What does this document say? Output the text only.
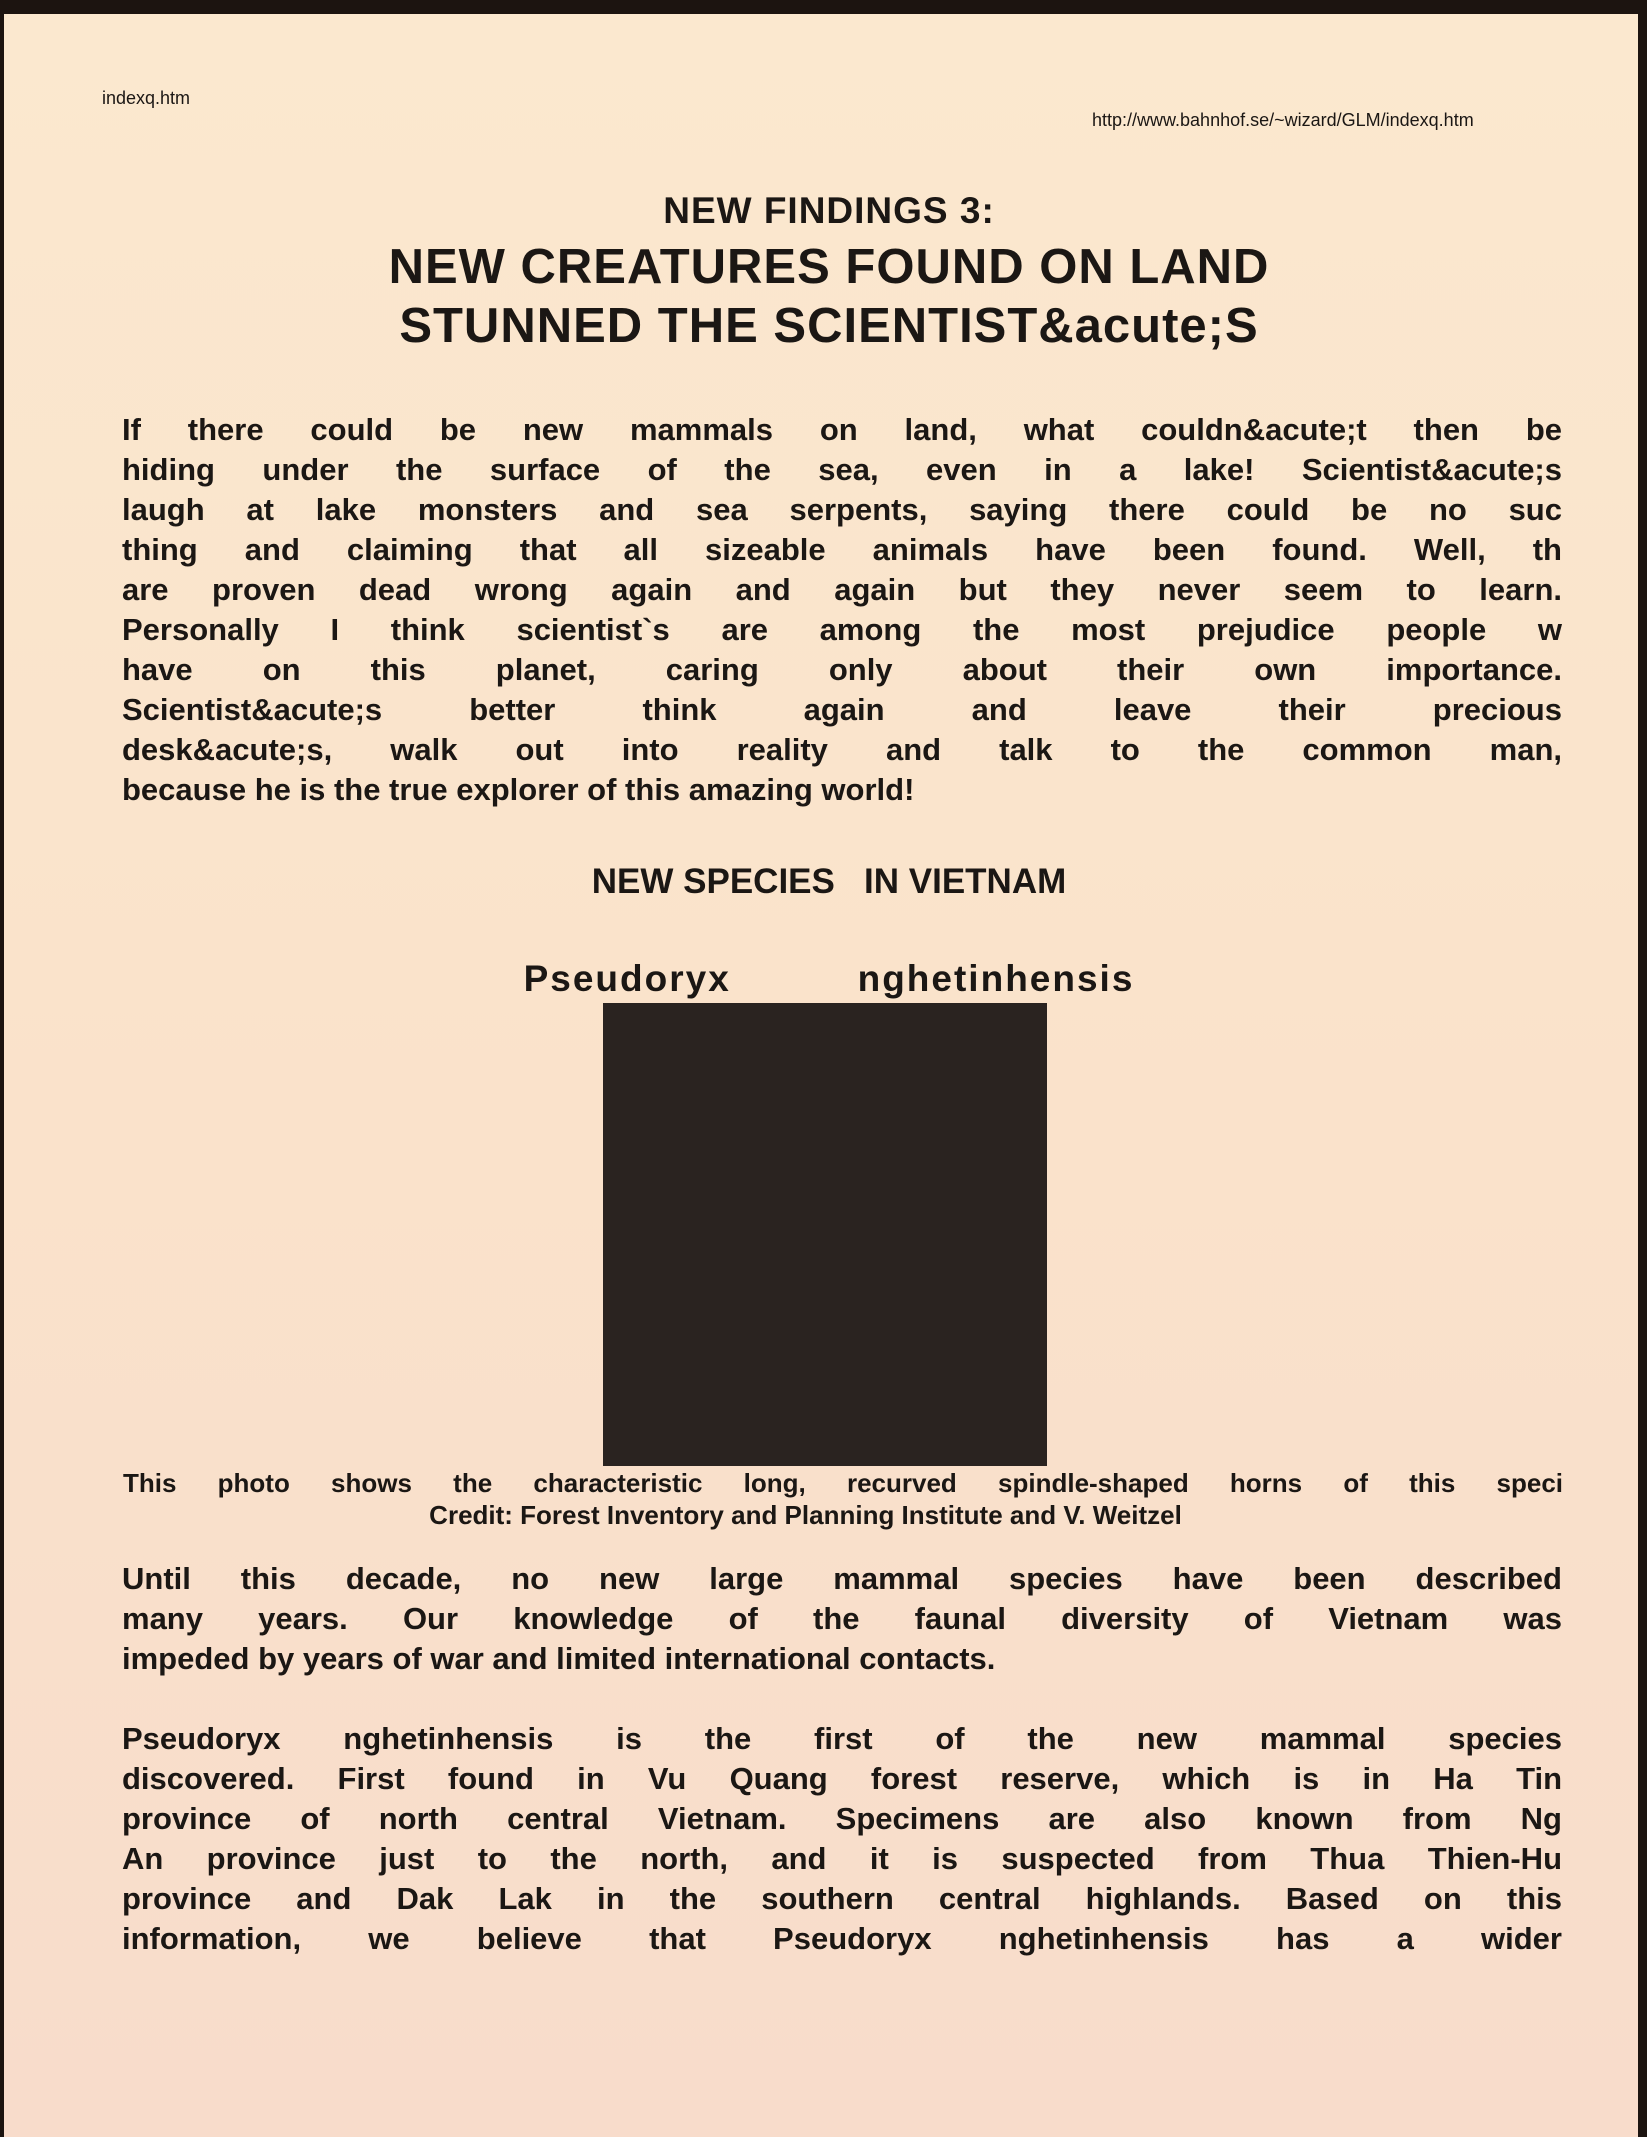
indexq.htm
http://www.bahnhof.se/~wizard/GLM/indexq.htm
NEW FINDINGS 3:
NEW CREATURES FOUND ON LAND
STUNNED THE SCIENTIST&acute;S
If there could be new mammals on land, what couldn&acute;t then be
hiding under the surface of the sea, even in a lake! Scientist&acute;s
laugh at lake monsters and sea serpents, saying there could be no suc
thing and claiming that all sizeable animals have been found. Well, th
are proven dead wrong again and again but they never seem to learn.
Personally I think scientist`s are among the most prejudice people w
have on this planet, caring only about their own importance.
Scientist&acute;s better think again and leave their precious
desk&acute;s, walk out into reality and talk to the common man,
because he is the true explorer of this amazing world!
NEW SPECIES   IN VIETNAM
Pseudoryx   nghetinhensis
This photo shows the characteristic long, recurved spindle-shaped horns of this speci
Credit: Forest Inventory and Planning Institute and V. Weitzel
Until this decade, no new large mammal species have been described
many years. Our knowledge of the faunal diversity of Vietnam was
impeded by years of war and limited international contacts.
Pseudoryx nghetinhensis is the first of the new mammal species
discovered. First found in Vu Quang forest reserve, which is in Ha Tin
province of north central Vietnam. Specimens are also known from Ng
An province just to the north, and it is suspected from Thua Thien-Hu
province and Dak Lak in the southern central highlands. Based on this
information, we believe that Pseudoryx nghetinhensis has a wider
